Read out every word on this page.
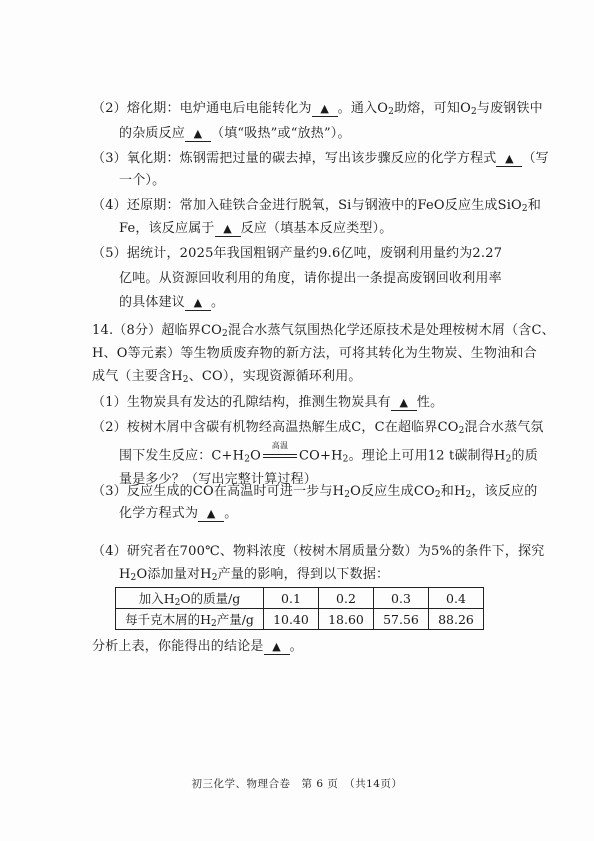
（2）熔化期：电炉通电后电能转化为 ▲ 。通入$O_2$助熔，可知$O_2$与废钢铁中
的杂质反应 ▲ （填“吸热”或“放热”）。
（3）氧化期：炼钢需把过量的碳去掉，写出该步骤反应的化学方程式 ▲ （写
一个）。
（4）还原期：常加入硅铁合金进行脱氧，Si与钢液中的FeO反应生成SiO$_2$和
Fe，该反应属于 ▲ 反应（填基本反应类型）。
（5）据统计，2025年我国粗钢产量约9.6亿吨，废钢利用量约为2.27
亿吨。从资源回收利用的角度，请你提出一条提高废钢回收利用率
的具体建议 ▲ 。
14.（8分）超临界$CO_2$混合水蒸气氛围热化学还原技术是处理桉树木屑（含C、
H、O等元素）等生物质废弃物的新方法，可将其转化为生物炭、生物油和合
成气（主要含$H_2$、CO），实现资源循环利用。
（1）生物炭具有发达的孔隙结构，推测生物炭具有 ▲ 性。
（2）桉树木屑中含碳有机物经高温热解生成C，C在超临界$CO_2$混合水蒸气氛
围下发生反应：$C+H_2O$
高温
$CO+H_2$。理论上可用12 t碳制得$H_2$的质
量是多少？（写出完整计算过程）
（3）反应生成的CO在高温时可进一步与$H_2O$反应生成$CO_2$和$H_2$，该反应的
化学方程式为 ▲ 。
（4）研究者在700℃、物料浓度（桉树木屑质量分数）为5%的条件下，探究
$H_2O$添加量对$H_2$产量的影响，得到以下数据：
加入$H_2O$的质量/g	0.1	0.2	0.3	0.4
每千克木屑的$H_2$产量/g	10.40	18.60	57.56	88.26
分析上表，你能得出的结论是 ▲ 。
初三化学、物理合卷　第 6 页　（共14页）
